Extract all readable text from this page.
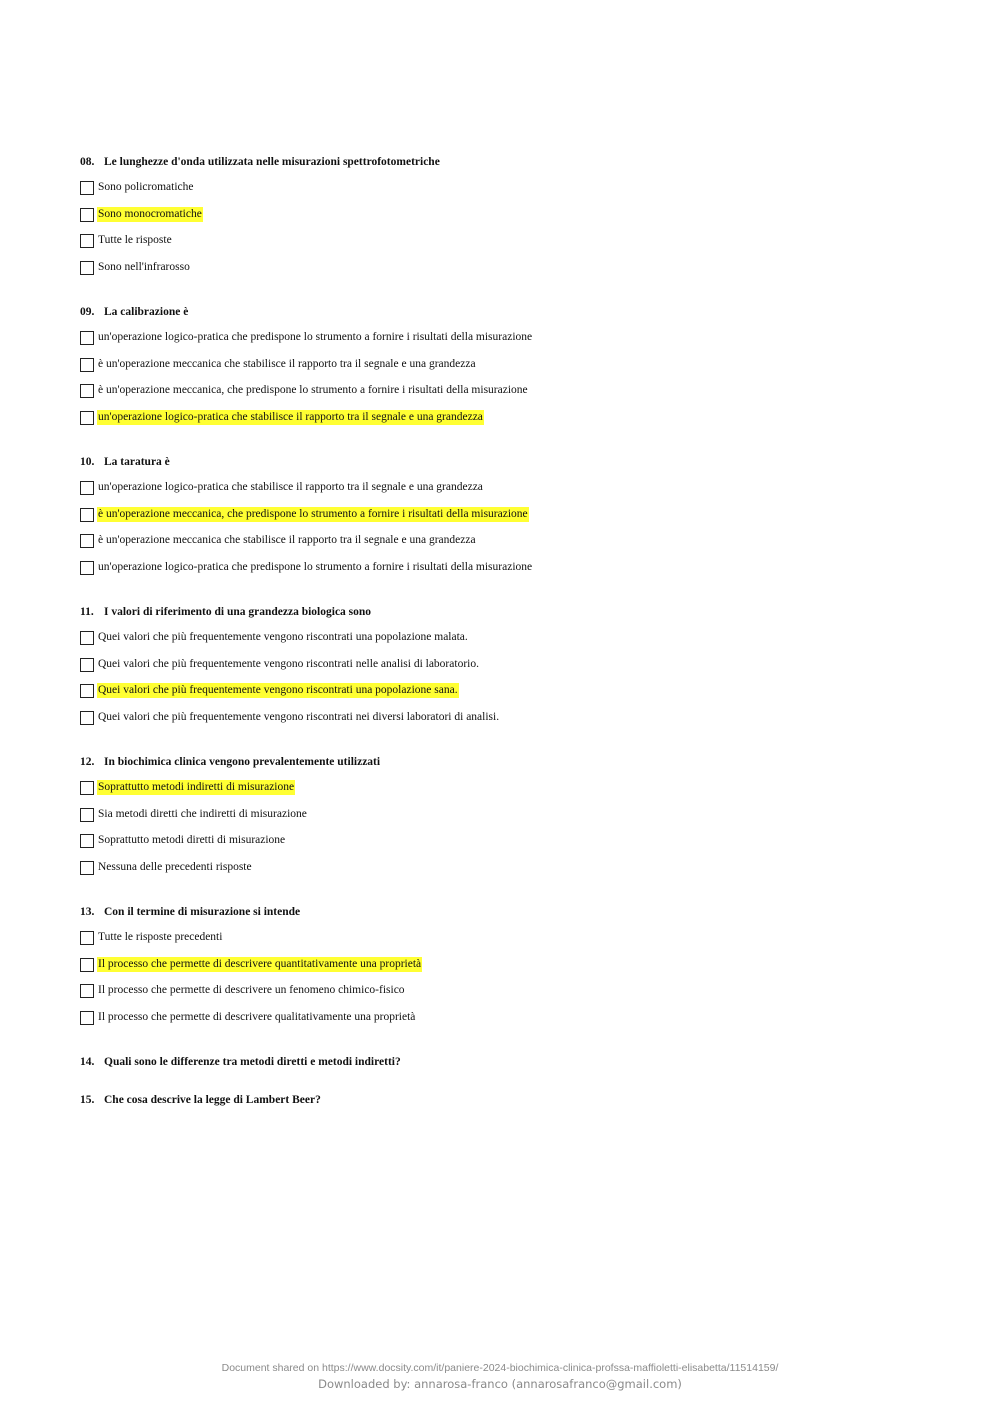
08. Le lunghezze d'onda utilizzata nelle misurazioni spettrofotometriche
Sono policromatiche
Sono monocromatiche
Tutte le risposte
Sono nell'infrarosso
09. La calibrazione è
un'operazione logico-pratica che predispone lo strumento a fornire i risultati della misurazione
è un'operazione meccanica che stabilisce il rapporto tra il segnale e una grandezza
è un'operazione meccanica, che predispone lo strumento a fornire i risultati della misurazione
un'operazione logico-pratica che stabilisce il rapporto tra il segnale e una grandezza
10. La taratura è
un'operazione logico-pratica che stabilisce il rapporto tra il segnale e una grandezza
è un'operazione meccanica, che predispone lo strumento a fornire i risultati della misurazione
è un'operazione meccanica che stabilisce il rapporto tra il segnale e una grandezza
un'operazione logico-pratica che predispone lo strumento a fornire i risultati della misurazione
11. I valori di riferimento di una grandezza biologica sono
Quei valori che più frequentemente vengono riscontrati una popolazione malata.
Quei valori che più frequentemente vengono riscontrati nelle analisi di laboratorio.
Quei valori che più frequentemente vengono riscontrati una popolazione sana.
Quei valori che più frequentemente vengono riscontrati nei diversi laboratori di analisi.
12. In biochimica clinica vengono prevalentemente utilizzati
Soprattutto metodi indiretti di misurazione
Sia metodi diretti che indiretti di misurazione
Soprattutto metodi diretti di misurazione
Nessuna delle precedenti risposte
13. Con il termine di misurazione si intende
Tutte le risposte precedenti
Il processo che permette di descrivere quantitativamente una proprietà
Il processo che permette di descrivere un fenomeno chimico-fisico
Il processo che permette di descrivere qualitativamente una proprietà
14. Quali sono le differenze tra metodi diretti e metodi indiretti?
15. Che cosa descrive la legge di Lambert Beer?
Document shared on https://www.docsity.com/it/paniere-2024-biochimica-clinica-profssa-maffioletti-elisabetta/11514159/
Downloaded by: annarosa-franco (annarosafranco@gmail.com)
